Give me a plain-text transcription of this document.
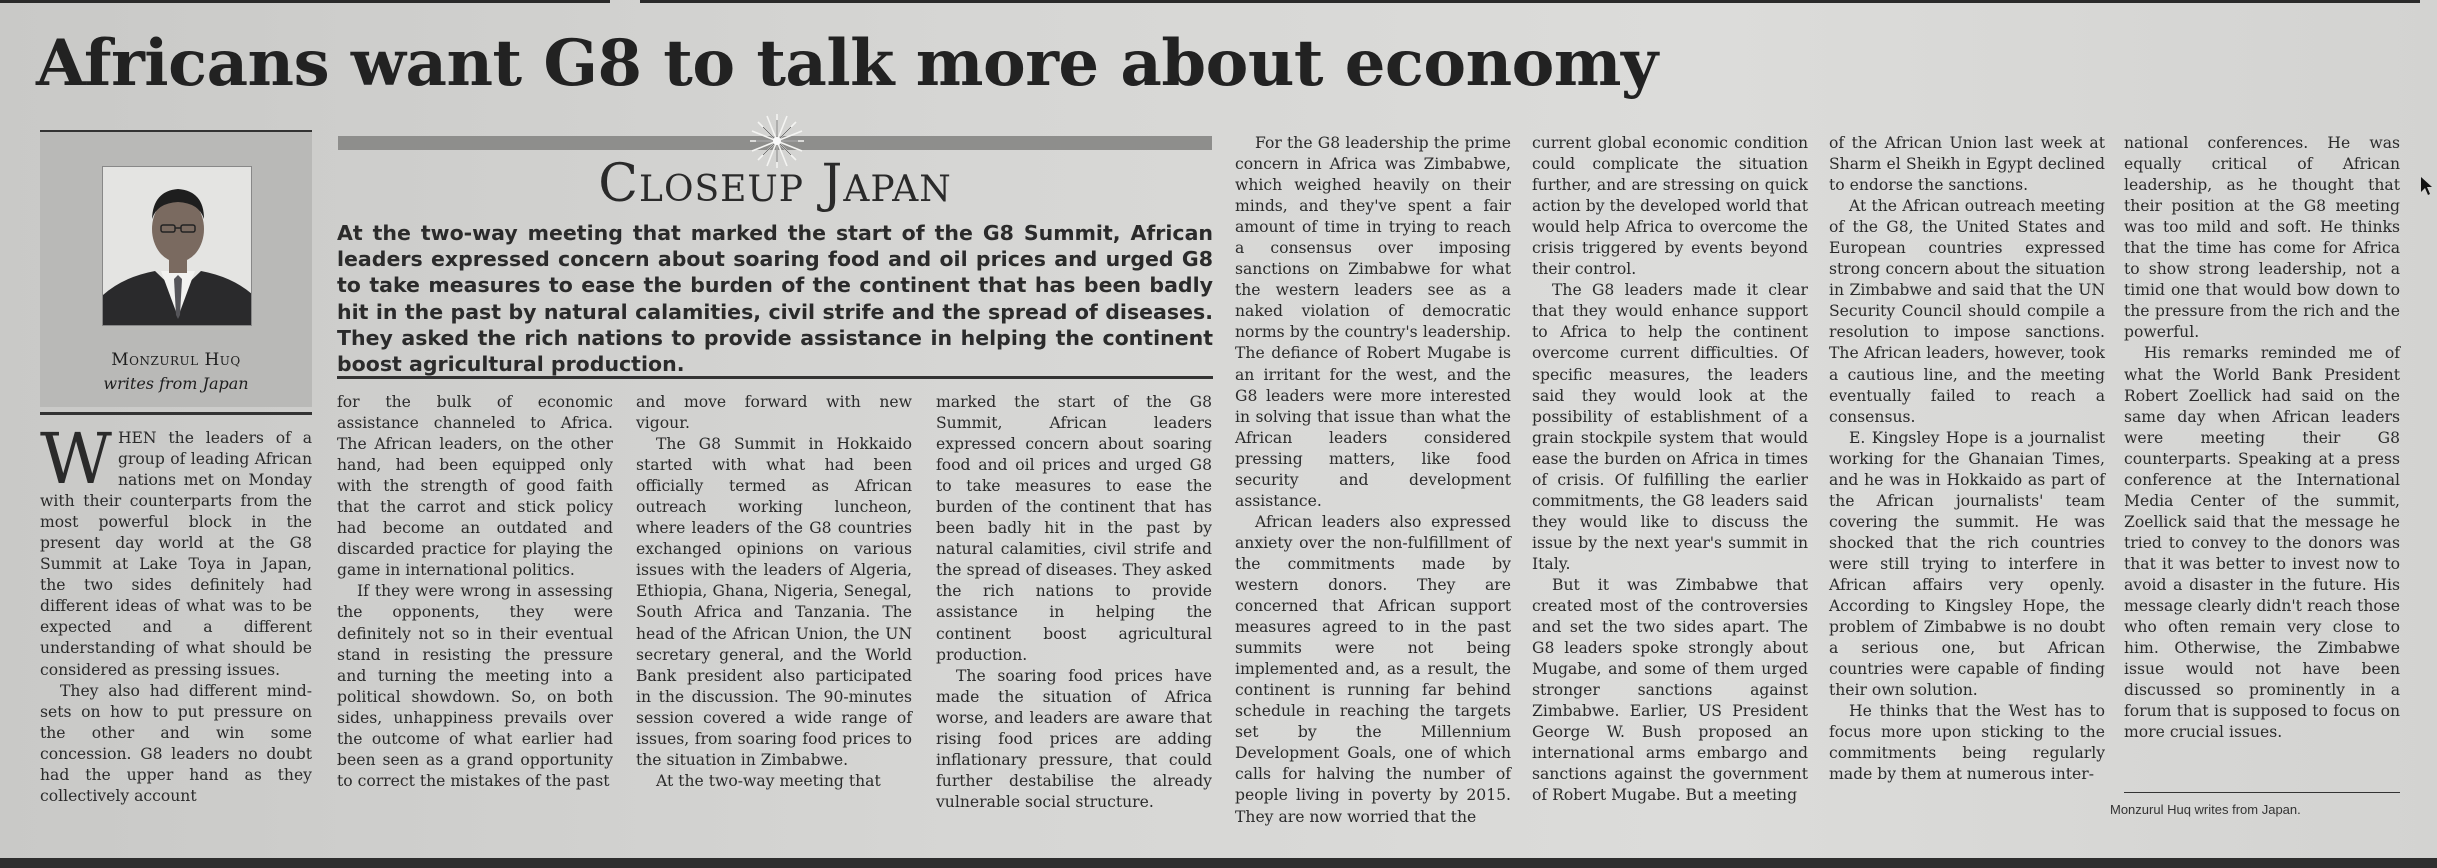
Africans want G8 to talk more about economy
Monzurul Huq
writes from Japan
Closeup Japan
At the two-way meeting that marked the start of the G8 Summit, African leaders expressed concern about soaring food and oil prices and urged G8 to take measures to ease the burden of the continent that has been badly hit in the past by natural calamities, civil strife and the spread of diseases. They asked the rich nations to provide assistance in helping the continent boost agricultural production.

WHEN the leaders of a group of leading African nations met on Monday with their counterparts from the most powerful block in the present day world at the G8 Summit at Lake Toya in Japan, the two sides definitely had different ideas of what was to be expected and a different understanding of what should be considered as pressing issues.

They also had different mind-sets on how to put pressure on the other and win some concession. G8 leaders no doubt had the upper hand as they collectively account

for the bulk of economic assistance channeled to Africa. The African leaders, on the other hand, had been equipped only with the strength of good faith that the carrot and stick policy had become an outdated and discarded practice for playing the game in international politics.

If they were wrong in assessing the opponents, they were definitely not so in their eventual stand in resisting the pressure and turning the meeting into a political showdown. So, on both sides, unhappiness prevails over the outcome of what earlier had been seen as a grand opportunity to correct the mistakes of the past

and move forward with new vigour.

The G8 Summit in Hokkaido started with what had been officially termed as African outreach working luncheon, where leaders of the G8 countries exchanged opinions on various issues with the leaders of Algeria, Ethiopia, Ghana, Nigeria, Senegal, South Africa and Tanzania. The head of the African Union, the UN secretary general, and the World Bank president also participated in the discussion. The 90-minutes session covered a wide range of issues, from soaring food prices to the situation in Zimbabwe.

At the two-way meeting that

marked the start of the G8 Summit, African leaders expressed concern about soaring food and oil prices and urged G8 to take measures to ease the burden of the continent that has been badly hit in the past by natural calamities, civil strife and the spread of diseases. They asked the rich nations to provide assistance in helping the continent boost agricultural production.

The soaring food prices have made the situation of Africa worse, and leaders are aware that rising food prices are adding inflationary pressure, that could further destabilise the already vulnerable social structure.

For the G8 leadership the prime concern in Africa was Zimbabwe, which weighed heavily on their minds, and they've spent a fair amount of time in trying to reach a consensus over imposing sanctions on Zimbabwe for what the western leaders see as a naked violation of democratic norms by the country's leadership. The defiance of Robert Mugabe is an irritant for the west, and the G8 leaders were more interested in solving that issue than what the African leaders considered pressing matters, like food security and development assistance.

African leaders also expressed anxiety over the non-fulfillment of the commitments made by western donors. They are concerned that African support measures agreed to in the past summits were not being implemented and, as a result, the continent is running far behind schedule in reaching the targets set by the Millennium Development Goals, one of which calls for halving the number of people living in poverty by 2015. They are now worried that the

current global economic condition could complicate the situation further, and are stressing on quick action by the developed world that would help Africa to overcome the crisis triggered by events beyond their control.

The G8 leaders made it clear that they would enhance support to Africa to help the continent overcome current difficulties. Of specific measures, the leaders said they would look at the possibility of establishment of a grain stockpile system that would ease the burden on Africa in times of crisis. Of fulfilling the earlier commitments, the G8 leaders said they would like to discuss the issue by the next year's summit in Italy.

But it was Zimbabwe that created most of the controversies and set the two sides apart. The G8 leaders spoke strongly about Mugabe, and some of them urged stronger sanctions against Zimbabwe. Earlier, US President George W. Bush proposed an international arms embargo and sanctions against the government of Robert Mugabe. But a meeting

of the African Union last week at Sharm el Sheikh in Egypt declined to endorse the sanctions.

At the African outreach meeting of the G8, the United States and European countries expressed strong concern about the situation in Zimbabwe and said that the UN Security Council should compile a resolution to impose sanctions. The African leaders, however, took a cautious line, and the meeting eventually failed to reach a consensus.

E. Kingsley Hope is a journalist working for the Ghanaian Times, and he was in Hokkaido as part of the African journalists' team covering the summit. He was shocked that the rich countries were still trying to interfere in African affairs very openly. According to Kingsley Hope, the problem of Zimbabwe is no doubt a serious one, but African countries were capable of finding their own solution.

He thinks that the West has to focus more upon sticking to the commitments being regularly made by them at numerous inter-

national conferences. He was equally critical of African leadership, as he thought that their position at the G8 meeting was too mild and soft. He thinks that the time has come for Africa to show strong leadership, not a timid one that would bow down to the pressure from the rich and the powerful.

His remarks reminded me of what the World Bank President Robert Zoellick had said on the same day when African leaders were meeting their G8 counterparts. Speaking at a press conference at the International Media Center of the summit, Zoellick said that the message he tried to convey to the donors was that it was better to invest now to avoid a disaster in the future. His message clearly didn't reach those who often remain very close to him. Otherwise, the Zimbabwe issue would not have been discussed so prominently in a forum that is supposed to focus on more crucial issues.

Monzurul Huq writes from Japan.
